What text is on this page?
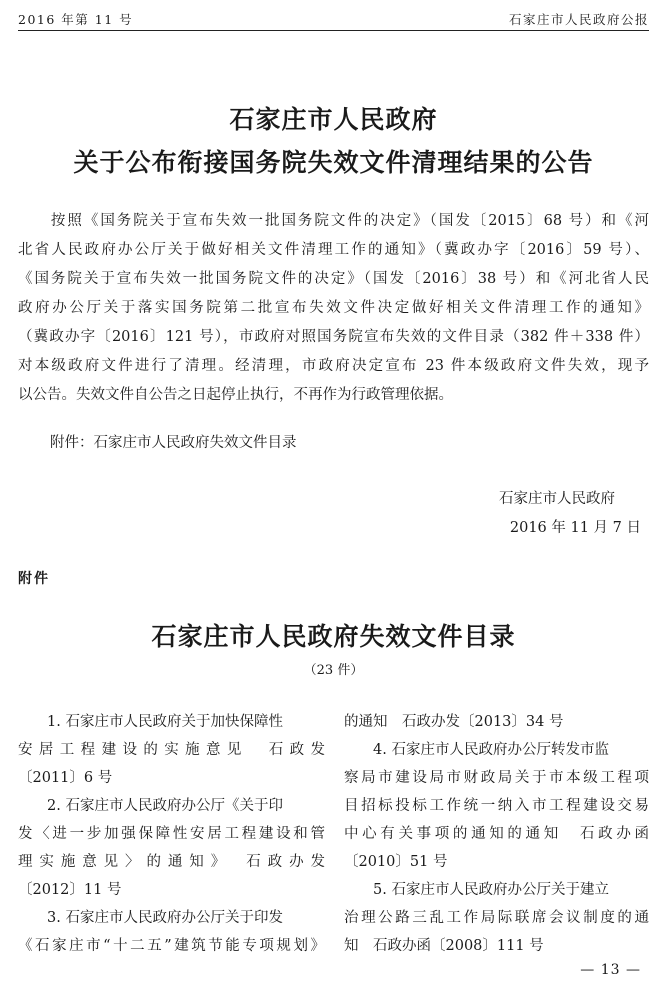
2016 年第 11 号	石家庄市人民政府公报
石家庄市人民政府
关于公布衔接国务院失效文件清理结果的公告
　　按照《国务院关于宣布失效一批国务院文件的决定》（国发〔2015〕68 号）和《河
北省人民政府办公厅关于做好相关文件清理工作的通知》（冀政办字〔2016〕59 号）、
《国务院关于宣布失效一批国务院文件的决定》（国发〔2016〕38 号）和《河北省人民
政府办公厅关于落实国务院第二批宣布失效文件决定做好相关文件清理工作的通知》
（冀政办字〔2016〕121 号），市政府对照国务院宣布失效的文件目录（382 件＋338 件）
对本级政府文件进行了清理。经清理，市政府决定宣布 23 件本级政府文件失效，现予
以公告。失效文件自公告之日起停止执行，不再作为行政管理依据。
附件：石家庄市人民政府失效文件目录
石家庄市人民政府
2016 年 11 月 7 日
附件
石家庄市人民政府失效文件目录
（23 件）
　　1. 石家庄市人民政府关于加快保障性
安居工程建设的实施意见　石政发
〔2011〕6 号
　　2. 石家庄市人民政府办公厅《关于印
发〈进一步加强保障性安居工程建设和管
理实施意见〉的通知》　石政办发
〔2012〕11 号
　　3. 石家庄市人民政府办公厅关于印发
《石家庄市“十二五”建筑节能专项规划》
的通知　石政办发〔2013〕34 号
　　4. 石家庄市人民政府办公厅转发市监
察局市建设局市财政局关于市本级工程项
目招标投标工作统一纳入市工程建设交易
中心有关事项的通知的通知　石政办函
〔2010〕51 号
　　5. 石家庄市人民政府办公厅关于建立
治理公路三乱工作局际联席会议制度的通
知　石政办函〔2008〕111 号
— 13 —
